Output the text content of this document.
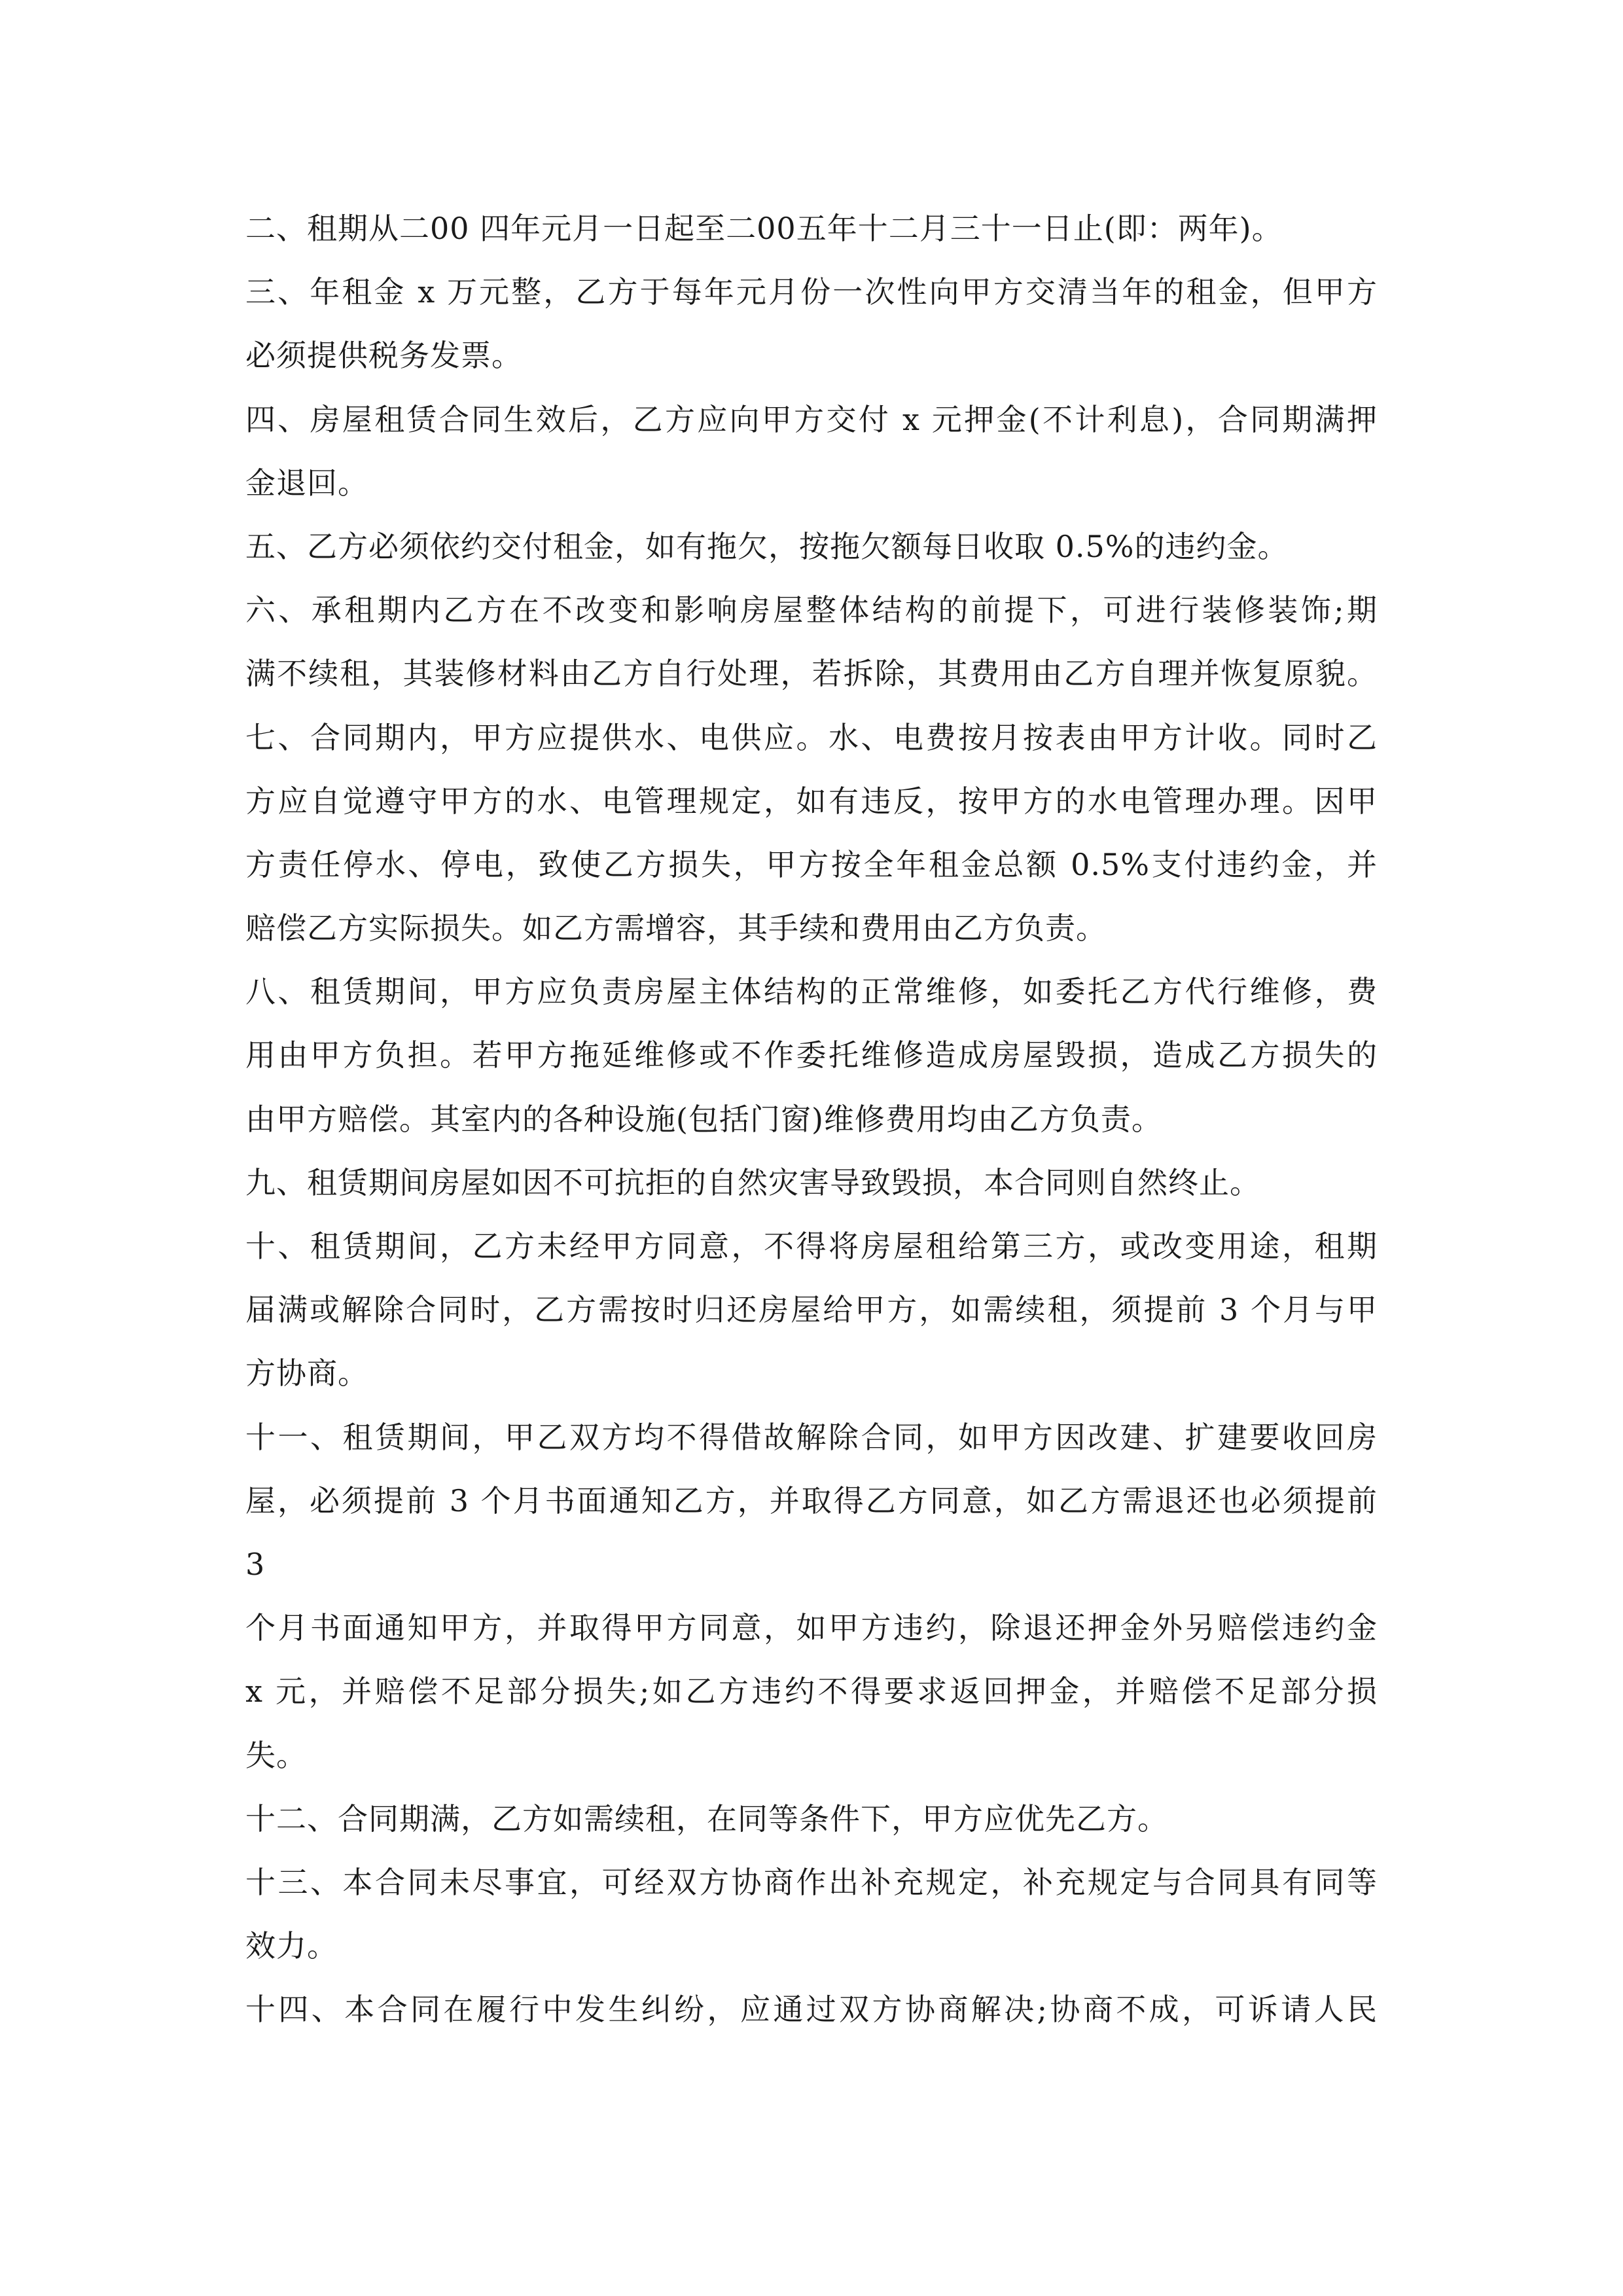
二、租期从二00 四年元月一日起至二00五年十二月三十一日止(即：两年)。
三、年租金 x 万元整，乙方于每年元月份一次性向甲方交清当年的租金，但甲方
必须提供税务发票。
四、房屋租赁合同生效后，乙方应向甲方交付 x 元押金(不计利息)，合同期满押
金退回。
五、乙方必须依约交付租金，如有拖欠，按拖欠额每日收取 0.5%的违约金。
六、承租期内乙方在不改变和影响房屋整体结构的前提下，可进行装修装饰;期
满不续租，其装修材料由乙方自行处理，若拆除，其费用由乙方自理并恢复原貌。
七、合同期内，甲方应提供水、电供应。水、电费按月按表由甲方计收。同时乙
方应自觉遵守甲方的水、电管理规定，如有违反，按甲方的水电管理办理。因甲
方责任停水、停电，致使乙方损失，甲方按全年租金总额 0.5%支付违约金，并
赔偿乙方实际损失。如乙方需增容，其手续和费用由乙方负责。
八、租赁期间，甲方应负责房屋主体结构的正常维修，如委托乙方代行维修，费
用由甲方负担。若甲方拖延维修或不作委托维修造成房屋毁损，造成乙方损失的
由甲方赔偿。其室内的各种设施(包括门窗)维修费用均由乙方负责。
九、租赁期间房屋如因不可抗拒的自然灾害导致毁损，本合同则自然终止。
十、租赁期间，乙方未经甲方同意，不得将房屋租给第三方，或改变用途，租期
届满或解除合同时，乙方需按时归还房屋给甲方，如需续租，须提前 3 个月与甲
方协商。
十一、租赁期间，甲乙双方均不得借故解除合同，如甲方因改建、扩建要收回房
屋，必须提前 3 个月书面通知乙方，并取得乙方同意，如乙方需退还也必须提前
3
个月书面通知甲方，并取得甲方同意，如甲方违约，除退还押金外另赔偿违约金
x 元，并赔偿不足部分损失;如乙方违约不得要求返回押金，并赔偿不足部分损
失。
十二、合同期满，乙方如需续租，在同等条件下，甲方应优先乙方。
十三、本合同未尽事宜，可经双方协商作出补充规定，补充规定与合同具有同等
效力。
十四、本合同在履行中发生纠纷，应通过双方协商解决;协商不成，可诉请人民
